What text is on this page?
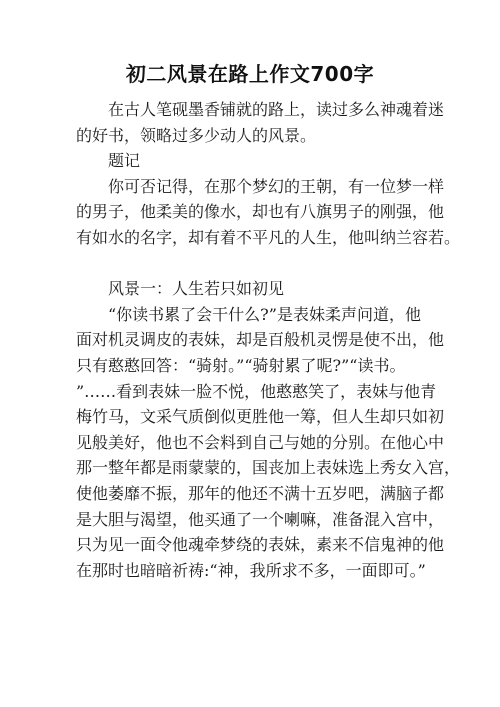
初二风景在路上作文700字
　　在古人笔砚墨香铺就的路上，读过多么神魂着迷
的好书，领略过多少动人的风景。
　　题记
　　你可否记得，在那个梦幻的王朝，有一位梦一样
的男子，他柔美的像水，却也有八旗男子的刚强，他
有如水的名字，却有着不平凡的人生，他叫纳兰容若。
　　风景一：人生若只如初见
　　“你读书累了会干什么?”是表妹柔声问道，他
面对机灵调皮的表妹，却是百般机灵愣是使不出，他
只有憨憨回答：“骑射。”“骑射累了呢?”“读书。
”……看到表妹一脸不悦，他憨憨笑了，表妹与他青
梅竹马，文采气质倒似更胜他一筹，但人生却只如初
见般美好，他也不会料到自己与她的分别。在他心中
那一整年都是雨蒙蒙的，国丧加上表妹选上秀女入宫，
使他萎靡不振，那年的他还不满十五岁吧，满脑子都
是大胆与渴望，他买通了一个喇嘛，准备混入宫中，
只为见一面令他魂牵梦绕的表妹，素来不信鬼神的他
在那时也暗暗祈祷:“神，我所求不多，一面即可。”
